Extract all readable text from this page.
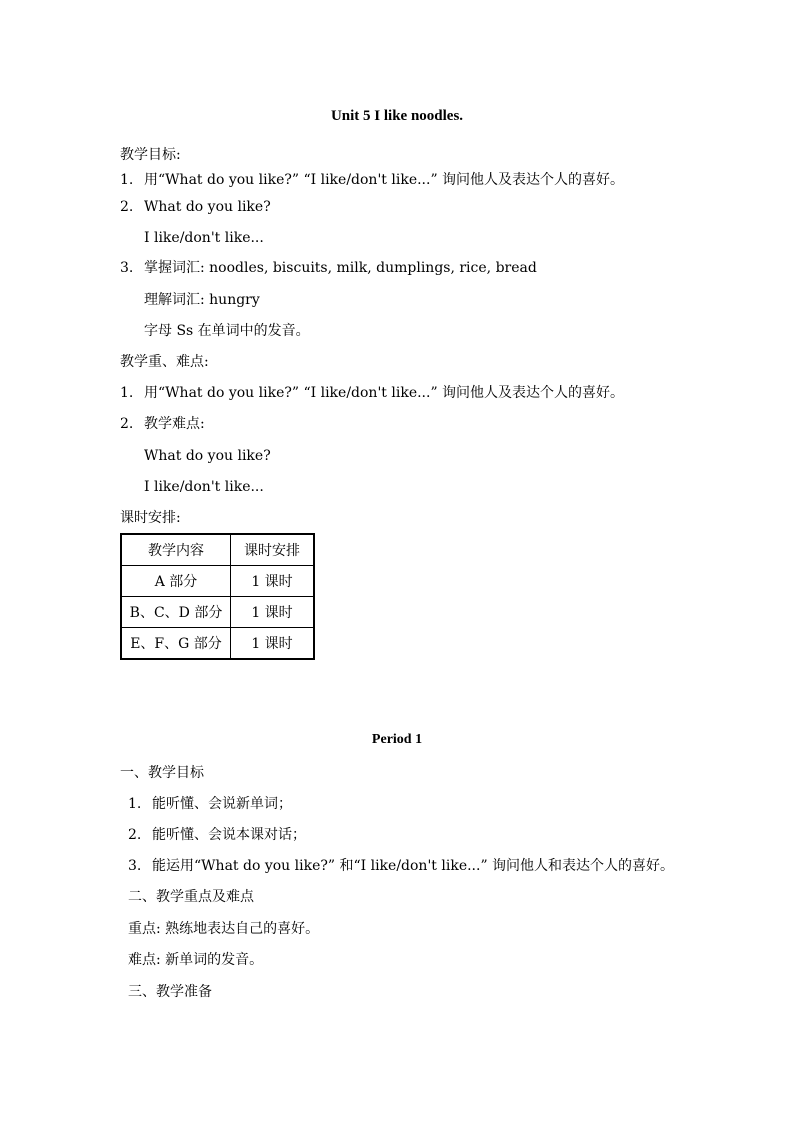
Unit 5 I like noodles.
教学目标:
1. 用“What do you like?” “I like/don't like...” 询问他人及表达个人的喜好。
2. What do you like?
I like/don't like...
3. 掌握词汇: noodles, biscuits, milk, dumplings, rice, bread
理解词汇: hungry
字母 Ss 在单词中的发音。
教学重、难点:
1. 用“What do you like?” “I like/don't like...” 询问他人及表达个人的喜好。
2. 教学难点:
What do you like?
I like/don't like...
课时安排:
教学内容	课时安排
A 部分	1 课时
B、C、D 部分	1 课时
E、F、G 部分	1 课时
Period 1
一、教学目标
1. 能听懂、会说新单词；
2. 能听懂、会说本课对话；
3. 能运用“What do you like?” 和“I like/don't like...” 询问他人和表达个人的喜好。
二、教学重点及难点
重点: 熟练地表达自己的喜好。
难点: 新单词的发音。
三、教学准备
